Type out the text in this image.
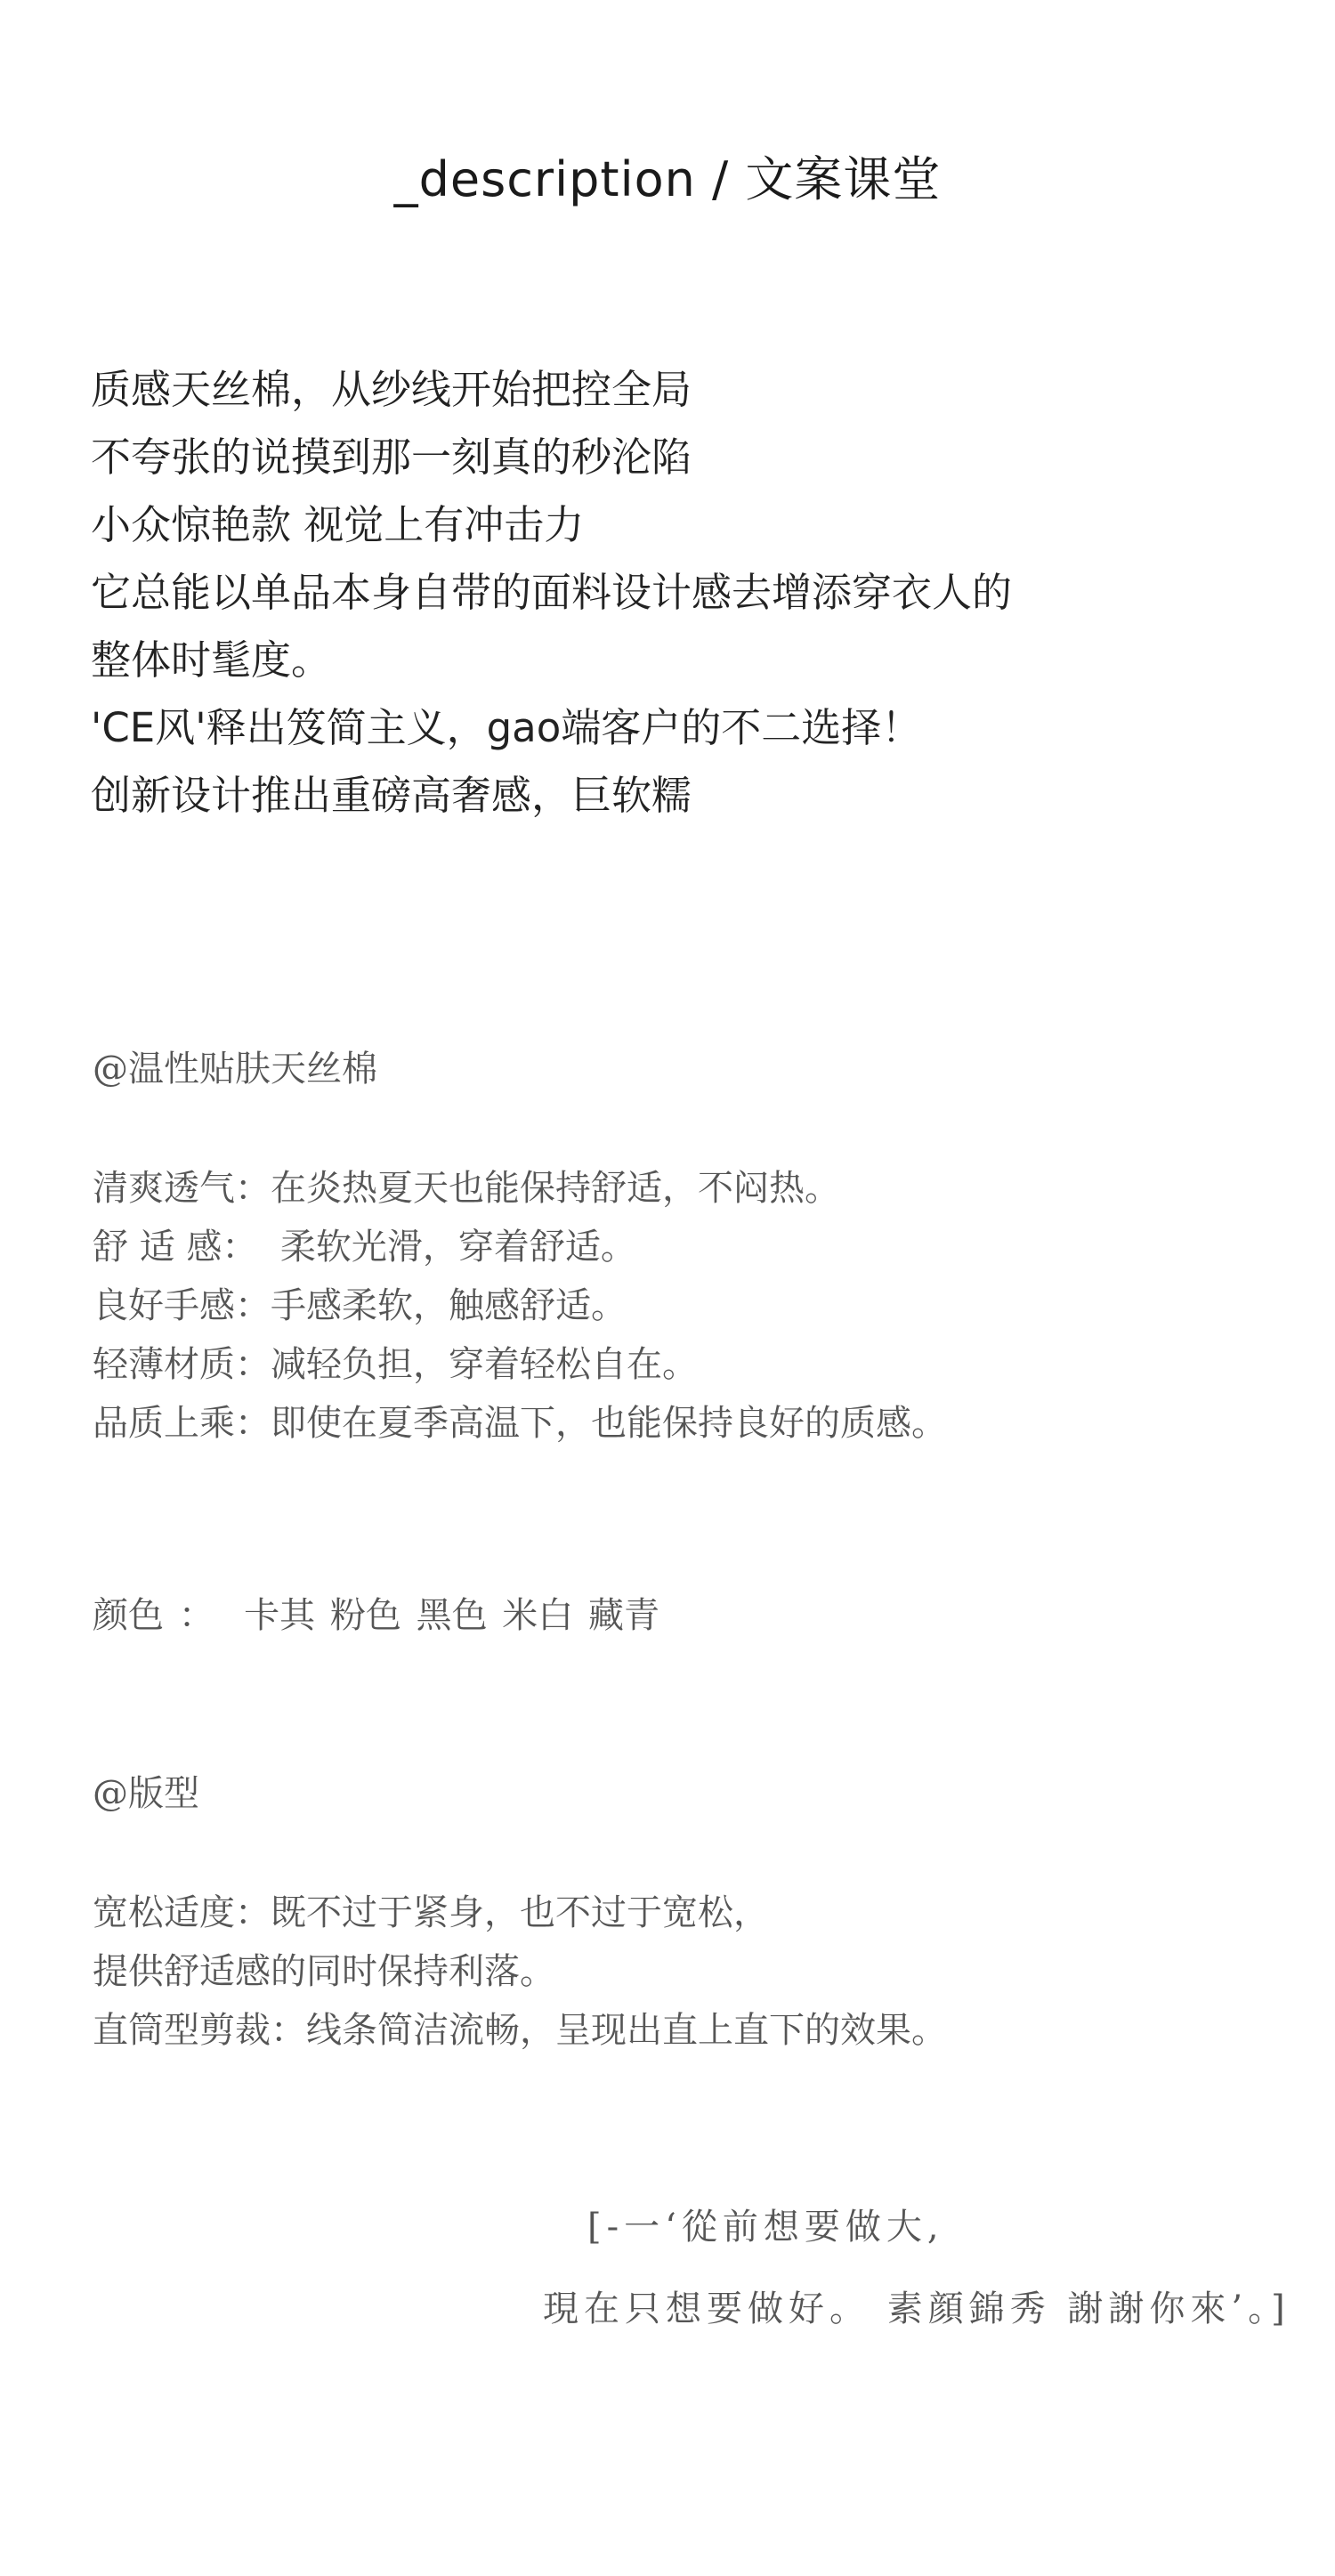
_description / 文案课堂
质感天丝棉，从纱线开始把控全局
不夸张的说摸到那一刻真的秒沦陷
小众惊艳款 视觉上有冲击力
它总能以单品本身自带的面料设计感去增添穿衣人的
整体时髦度。
'CE风'释出笈简主义，gao端客户的不二选择！
创新设计推出重磅高奢感，巨软糯
@温性贴肤天丝棉
清爽透气：在炎热夏天也能保持舒适，不闷热。
舒 适 感：  柔软光滑，穿着舒适。
良好手感：手感柔软，触感舒适。
轻薄材质：减轻负担，穿着轻松自在。
品质上乘：即使在夏季高温下，也能保持良好的质感。
颜色 ：  卡其 粉色 黑色 米白 藏青
@版型
宽松适度：既不过于紧身，也不过于宽松，
提供舒适感的同时保持利落。
直筒型剪裁：线条简洁流畅，呈现出直上直下的效果。
[-一‘從前想要做大,
現在只想要做好。 素顔錦秀 謝謝你來’。]
